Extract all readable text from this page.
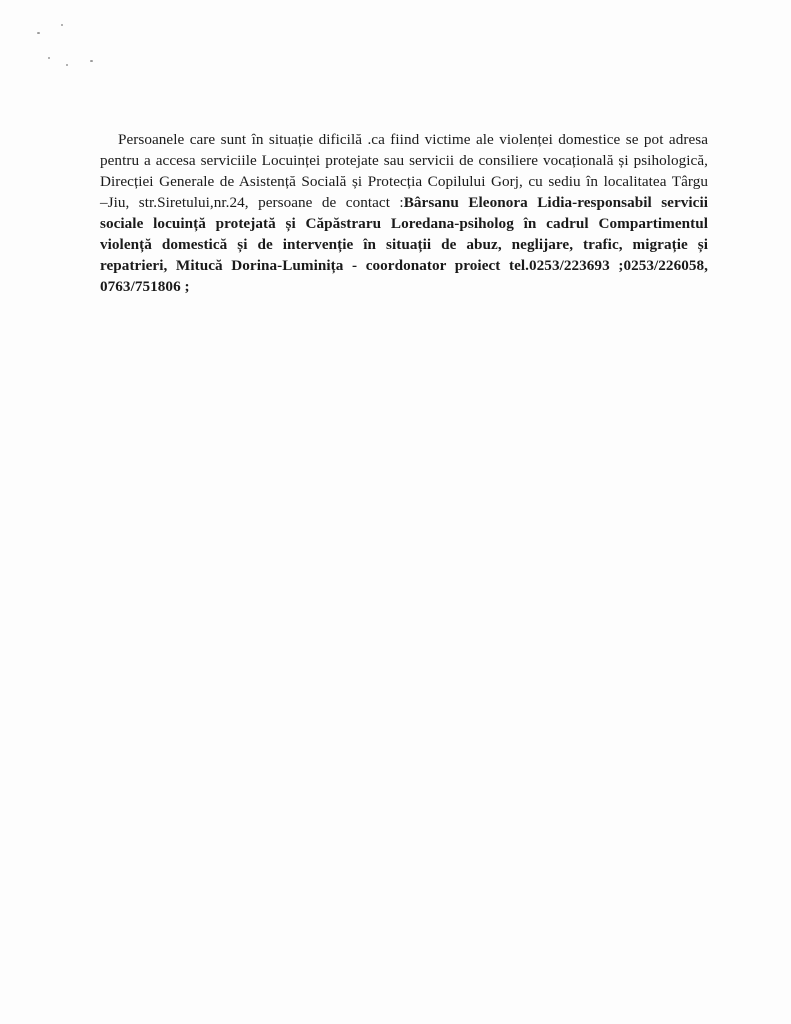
Persoanele care sunt în situație dificilă .ca fiind victime ale violenței domestice se pot adresa
pentru a accesa serviciile Locuinței protejate sau servicii de consiliere vocațională și psihologică,
Direcției Generale de Asistență Socială și Protecția Copilului Gorj, cu sediu în localitatea Târgu
–Jiu, str.Siretului,nr.24, persoane de contact :Bârsanu Eleonora Lidia-responsabil servicii
sociale locuință protejată și Căpăstraru Loredana-psiholog în cadrul Compartimentul
violență domestică și de intervenție în situații de abuz, neglijare, trafic, migrație și
repatrieri, Mitucă Dorina-Luminița - coordonator proiect tel.0253/223693 ;0253/226058,
0763/751806 ;
